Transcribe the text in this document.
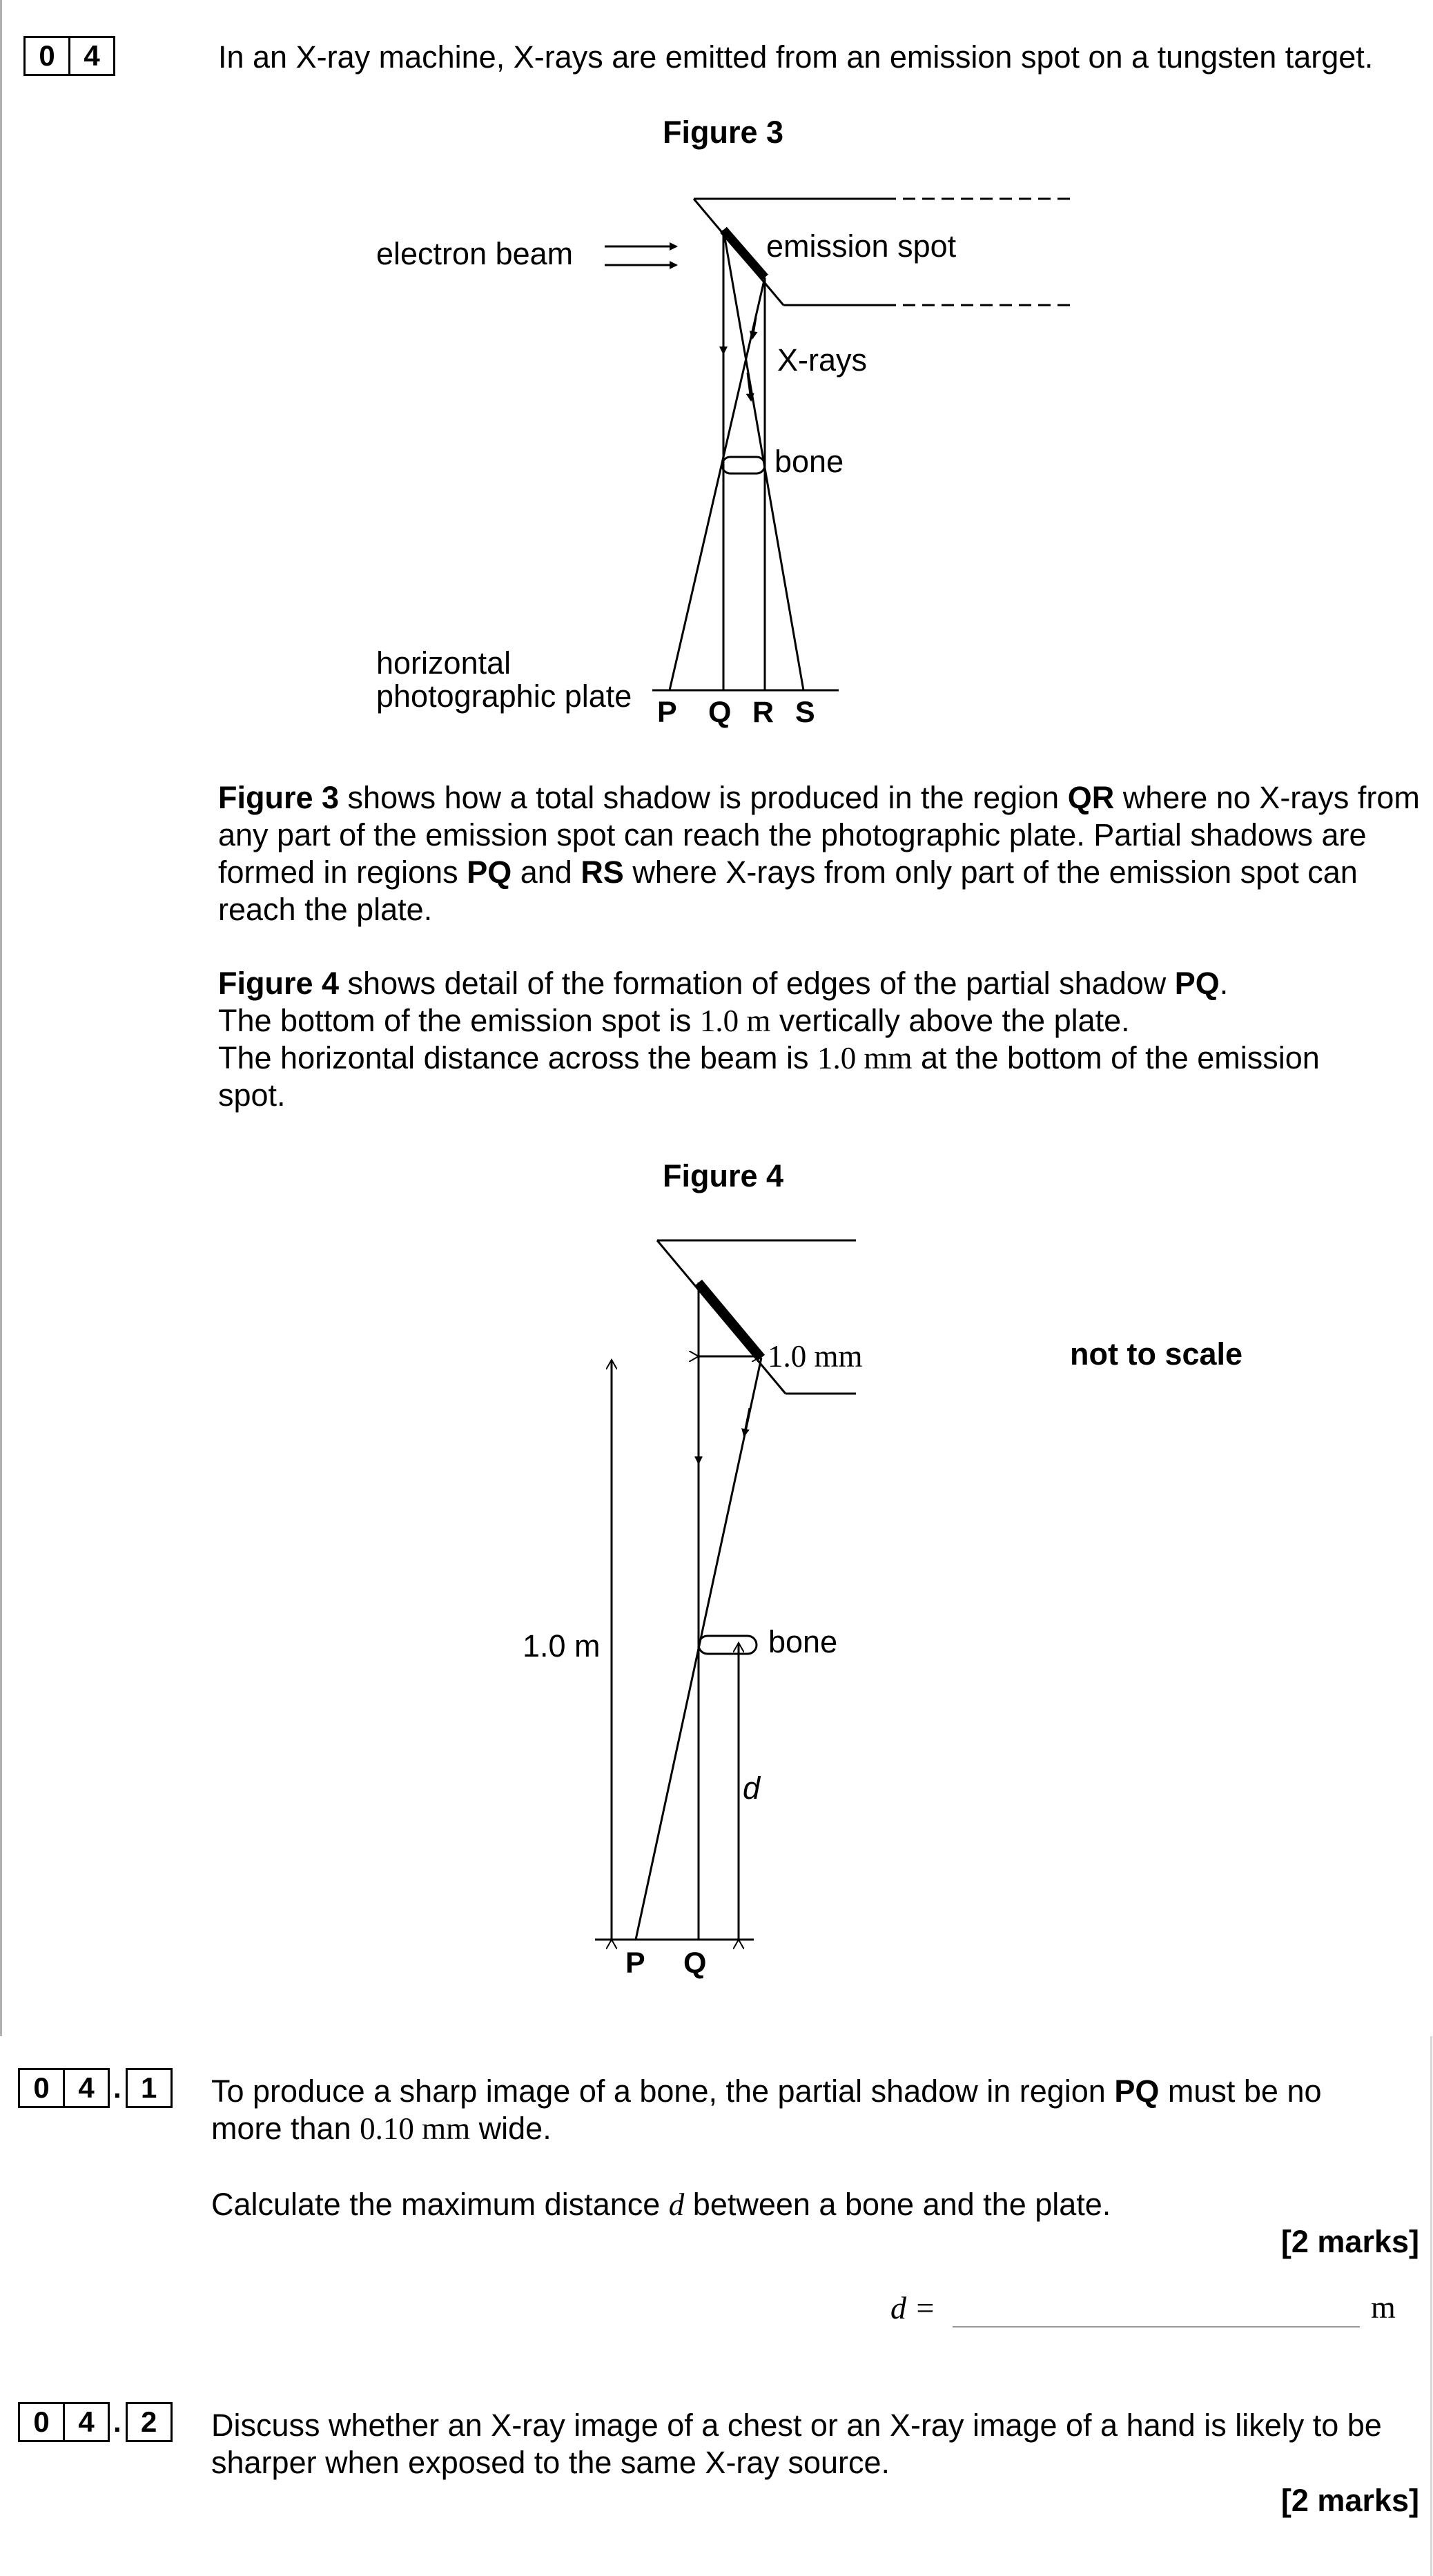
0 4	In an X-ray machine, X-rays are emitted from an emission spot on a tungsten target.
Figure 3
electron beam	emission spot
X-rays
bone
horizontal
photographic plate P Q R S
Figure 3 shows how a total shadow is produced in the region QR where no X-rays from any part of the emission spot can reach the photographic plate. Partial shadows are formed in regions PQ and RS where X-rays from only part of the emission spot can reach the plate.
Figure 4 shows detail of the formation of edges of the partial shadow PQ.
The bottom of the emission spot is 1.0 m vertically above the plate.
The horizontal distance across the beam is 1.0 mm at the bottom of the emission spot.
Figure 4
not to scale
1.0 mm
1.0 m	bone
d
P Q
0 4 . 1	To produce a sharp image of a bone, the partial shadow in region PQ must be no more than 0.10 mm wide.
Calculate the maximum distance d between a bone and the plate.
[2 marks]
d =	m
0 4 . 2	Discuss whether an X-ray image of a chest or an X-ray image of a hand is likely to be sharper when exposed to the same X-ray source.
[2 marks]
